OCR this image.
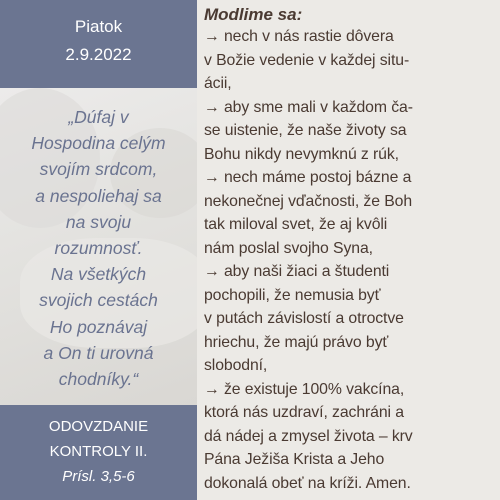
Piatok
2.9.2022

„Dúfaj v
Hospodina celým
svojím srdcom,
a nespoliehaj sa
na svoju
rozumnosť.
Na všetkých
svojich cestách
Ho poznávaj
a On ti urovná
chodníky.“

ODOVZDANIE
KONTROLY II.
Prísl. 3,5-6

Modlime sa:

→ nech v nás rastie dôvera
v Božie vedenie v každej situ-
ácii,
→ aby sme mali v každom ča-
se uistenie, že naše životy sa
Bohu nikdy nevymknú z rúk,
→ nech máme postoj bázne a
nekonečnej vďačnosti, že Boh
tak miloval svet, že aj kvôli
nám poslal svojho Syna,
→ aby naši žiaci a študenti
pochopili, že nemusia byť
v putách závislostí a otroctve
hriechu, že majú právo byť
slobodní,
→ že existuje 100% vakcína,
ktorá nás uzdraví, zachráni a
dá nádej a zmysel života – krv
Pána Ježiša Krista a Jeho
dokonalá obeť na kríži. Amen.
